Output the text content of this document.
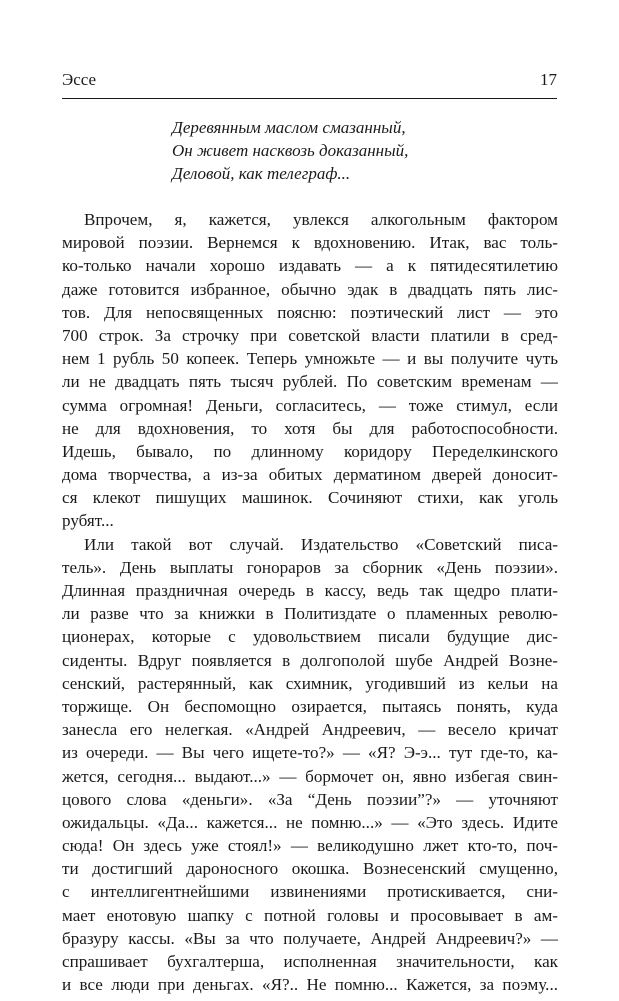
Эссе	17
Деревянным маслом смазанный,
Он живет насквозь доказанный,
Деловой, как телеграф...
Впрочем, я, кажется, увлекся алкогольным фактором
мировой поэзии. Вернемся к вдохновению. Итак, вас толь-
ко-только начали хорошо издавать — а к пятидесятилетию
даже готовится избранное, обычно эдак в двадцать пять лис-
тов. Для непосвященных поясню: поэтический лист — это
700 строк. За строчку при советской власти платили в сред-
нем 1 рубль 50 копеек. Теперь умножьте — и вы получите чуть
ли не двадцать пять тысяч рублей. По советским временам —
сумма огромная! Деньги, согласитесь, — тоже стимул, если
не для вдохновения, то хотя бы для работоспособности.
Идешь, бывало, по длинному коридору Переделкинского
дома творчества, а из-за обитых дерматином дверей доносит-
ся клекот пишущих машинок. Сочиняют стихи, как уголь
рубят...
Или такой вот случай. Издательство «Советский писа-
тель». День выплаты гонораров за сборник «День поэзии».
Длинная праздничная очередь в кассу, ведь так щедро плати-
ли разве что за книжки в Политиздате о пламенных револю-
ционерах, которые с удовольствием писали будущие дис-
сиденты. Вдруг появляется в долгополой шубе Андрей Возне-
сенский, растерянный, как схимник, угодивший из кельи на
торжище. Он беспомощно озирается, пытаясь понять, куда
занесла его нелегкая. «Андрей Андреевич, — весело кричат
из очереди. — Вы чего ищете-то?» — «Я? Э-э... тут где-то, ка-
жется, сегодня... выдают...» — бормочет он, явно избегая свин-
цового слова «деньги». «За “День поэзии”?» — уточняют
ожидальцы. «Да... кажется... не помню...» — «Это здесь. Идите
сюда! Он здесь уже стоял!» — великодушно лжет кто-то, поч-
ти достигший дароносного окошка. Вознесенский смущенно,
с интеллигентнейшими извинениями протискивается, сни-
мает енотовую шапку с потной головы и просовывает в ам-
бразуру кассы. «Вы за что получаете, Андрей Андреевич?» —
спрашивает бухгалтерша, исполненная значительности, как
и все люди при деньгах. «Я?.. Не помню... Кажется, за поэму...
